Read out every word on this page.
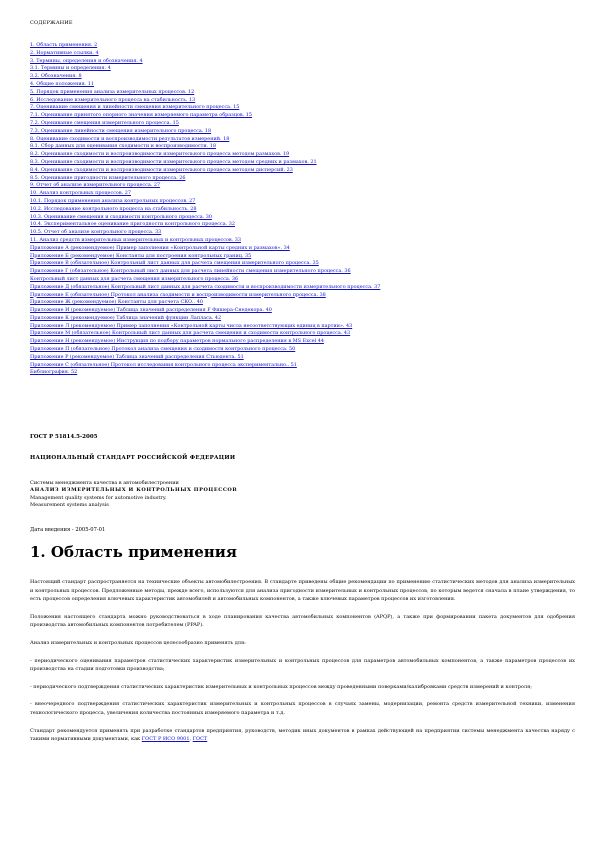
СОДЕРЖАНИЕ
1. Область применения. 2
2. Нормативные ссылки. 4
3. Термины, определения и обозначения. 4
3.1. Термины и определения. 4
3.2. Обозначения. 8
4. Общие положения. 11
5. Порядок применения анализа измерительных процессов. 12
6. Исследование измерительного процесса на стабильность. 13
7. Оценивание смещения и линейности смещения измерительного процесса. 15
7.1. Оценивание принятого опорного значения измеряемого параметра образцов. 15
7.2. Оценивание смещения измерительного процесса. 15
7.3. Оценивание линейности смещения измерительного процесса. 18
8. Оценивание сходимости и воспроизводимости результатов измерений. 18
8.1. Сбор данных для оценивания сходимости и воспроизводимости. 18
8.2. Оценивание сходимости и воспроизводимости измерительного процесса методом размахов. 19
8.3. Оценивание сходимости и воспроизводимости измерительного процесса методом средних и размахов. 21
8.4. Оценивание сходимости и воспроизводимости измерительного процесса методом дисперсий. 23
8.5. Оценивание пригодности измерительного процесса. 26
9. Отчет об анализе измерительного процесса. 27
10. Анализ контрольных процессов. 27
10.1. Порядок применения анализа контрольных процессов. 27
10.2. Исследование контрольного процесса на стабильность. 28
10.3. Оценивание смещения и сходимости контрольного процесса. 30
10.4. Экспериментальное оценивание пригодности контрольного процесса. 32
10.5. Отчет об анализе контрольного процесса. 33
11. Анализ средств измерительных измерительных и контрольных процессов. 33
Приложение А (рекомендуемое) Пример заполнения «Контрольной карты средних и размахов». 34
Приложение Б (рекомендуемое) Константы для построения контрольных границ. 35
Приложение В (обязательное) Контрольный лист данных для расчета смещения измерительного процесса. 35
Приложение Г (обязательное) Контрольный лист данных для расчета линейности смещения измерительного процесса. 36
Контрольный лист данных для расчета смещения измерительного процесса. 36
Приложение Д (обязательное) Контрольный лист данных для расчета сходимости и воспроизводимости измерительного процесса. 37
Приложение Е (обязательное) Протокол анализа сходимости и воспроизводимости измерительного процесса. 38
Приложение Ж (рекомендуемое) Константы для расчета СКО.. 40
Приложение И (рекомендуемое) Таблица значений распределения F Фишера-Снедекора. 40
Приложение К (рекомендуемое) Таблица значений функции Лапласа. 42
Приложение Л (рекомендуемое) Пример заполнения «Контрольной карты числа несоответствующих единиц в партии». 43
Приложение М (обязательное) Контрольный лист данных для расчета смещения и сходимости контрольного процесса. 43
Приложение Н (рекомендуемое) Инструкция по подбору параметров нормального распределения в MS Excel 44
Приложение П (обязательное) Протокол анализа смещения и сходимости контрольного процесса. 50
Приложение Р (рекомендуемое) Таблица значений распределения Стьюдента. 51
Приложение С (обязательное) Протокол исследования контрольного процесса экспериментально.. 51
Библиография. 52
ГОСТ Р 51814.5-2005
НАЦИОНАЛЬНЫЙ СТАНДАРТ РОССИЙСКОЙ ФЕДЕРАЦИИ
Системы менеджмента качества в автомобилестроении
АНАЛИЗ ИЗМЕРИТЕЛЬНЫХ И КОНТРОЛЬНЫХ ПРОЦЕССОВ
Management quality systems for automotive industry.
Measurement systems analysis
Дата введения - 2005-07-01
1. Область применения

Настоящий стандарт распространяется на технические объекты автомобилестроения. В стандарте приведены общие рекомендации по применению статистических методов для анализа измерительных и контрольных процессов. Предложенные методы, прежде всего, используются для анализа пригодности измерительных и контрольных процессов, по которым ведется сначала в плане утверждения, то есть процессов определения ключевых характеристик автомобилей и автомобильных компонентов, а также ключевых параметров процессов их изготовления.

Положения настоящего стандарта можно руководствоваться в ходе планирования качества автомобильных компонентов (APQP), а также при формировании пакета документов для одобрения производства автомобильных компонентов потребителем (PPAP).

Анализ измерительных и контрольных процессов целесообразно применять для:

- периодического оценивания параметров статистических характеристик измерительных и контрольных процессов для параметров автомобильных компонентов, а также параметров процессов их производства на стадии подготовки производства;

- периодического подтверждения статистических характеристик измерительных и контрольных процессов между проведенными поверками/калибровками средств измерений и контроля;

- внеочередного подтверждения статистических характеристик измерительных и контрольных процессов в случаях замены, модернизации, ремонта средств измерительной техники, изменения технологического процесса, увеличения количества постоянных измеряемого параметра и т.д.

Стандарт рекомендуется применять при разработке стандартов предприятия, руководств, методик иных документов в рамках действующей на предприятии системы менеджмента качества наряду с такими нормативными документами, как ГОСТ Р ИСО 9001, ГОСТ
